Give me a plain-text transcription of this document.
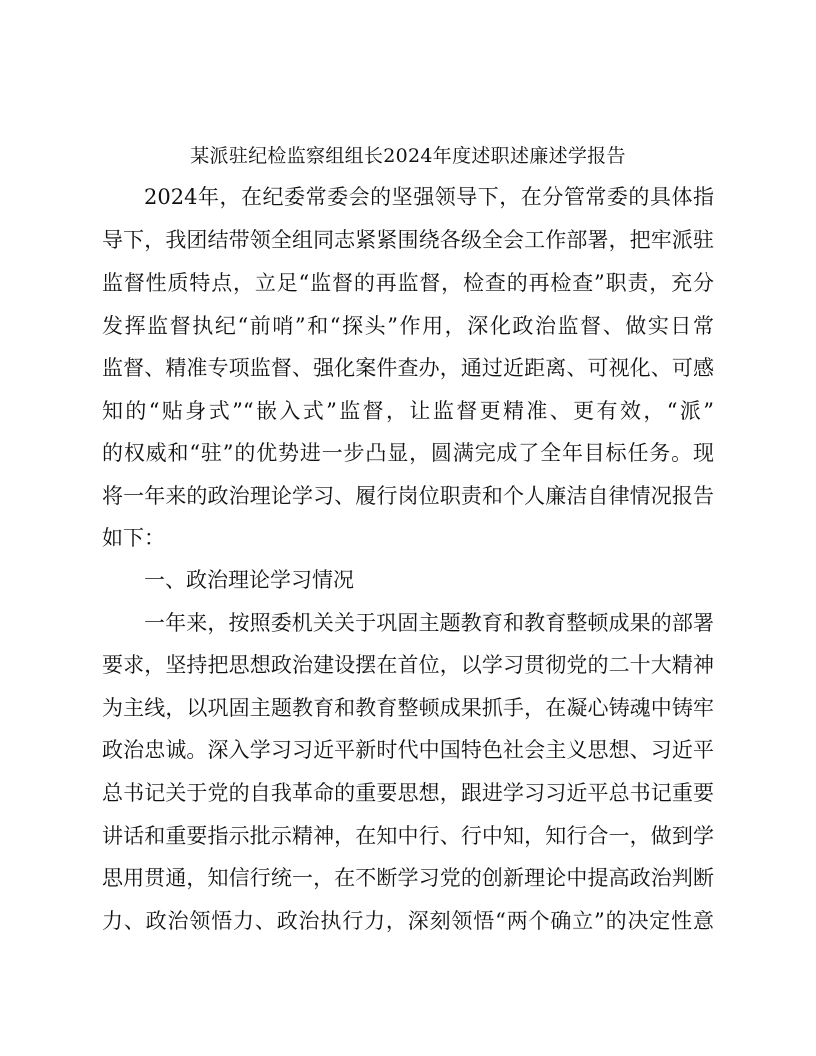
某派驻纪检监察组组长2024年度述职述廉述学报告
2024年，在纪委常委会的坚强领导下，在分管常委的具体指
导下，我团结带领全组同志紧紧围绕各级全会工作部署，把牢派驻
监督性质特点，立足“监督的再监督，检查的再检查”职责，充分
发挥监督执纪“前哨”和“探头”作用，深化政治监督、做实日常
监督、精准专项监督、强化案件查办，通过近距离、可视化、可感
知的“贴身式”“嵌入式”监督，让监督更精准、更有效，“派”
的权威和“驻”的优势进一步凸显，圆满完成了全年目标任务。现
将一年来的政治理论学习、履行岗位职责和个人廉洁自律情况报告
如下：
一、政治理论学习情况
一年来，按照委机关关于巩固主题教育和教育整顿成果的部署
要求，坚持把思想政治建设摆在首位，以学习贯彻党的二十大精神
为主线，以巩固主题教育和教育整顿成果抓手，在凝心铸魂中铸牢
政治忠诚。深入学习习近平新时代中国特色社会主义思想、习近平
总书记关于党的自我革命的重要思想，跟进学习习近平总书记重要
讲话和重要指示批示精神，在知中行、行中知，知行合一，做到学
思用贯通，知信行统一，在不断学习党的创新理论中提高政治判断
力、政治领悟力、政治执行力，深刻领悟“两个确立”的决定性意
